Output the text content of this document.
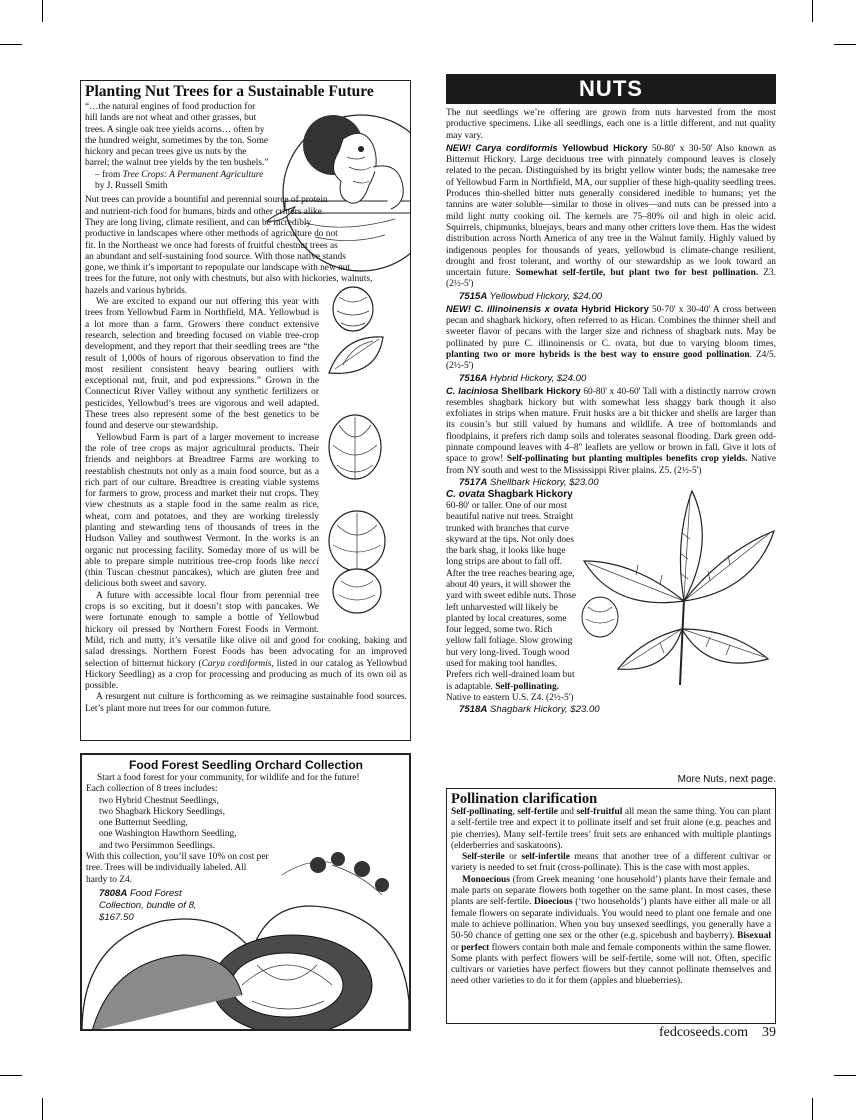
Planting Nut Trees for a Sustainable Future

“…the natural engines of food production for hill lands are not wheat and other grasses, but trees. A single oak tree yields acorns… often by the hundred weight, sometimes by the ton. Some hickory and pecan trees give us nuts by the barrel; the walnut tree yields by the ten bushels.”

– from Tree Crops: A Permanent Agriculture by J. Russell Smith

Nut trees can provide a bountiful and perennial source of protein and nutrient-rich food for humans, birds and other critters alike. They are long living, climate resilient, and can be incredibly productive in landscapes where other methods of agriculture do not fit. In the Northeast we once had forests of fruitful chestnut trees as an abundant and self-sustaining food source. With those native stands gone, we think it’s important to repopulate our landscape with new nut trees for the future, not only with chestnuts, but also with hickories, walnuts, hazels and various hybrids.

We are excited to expand our nut offering this year with trees from Yellowbud Farm in Northfield, MA. Yellowbud is a lot more than a farm. Growers there conduct extensive research, selection and breeding focused on viable tree-crop development, and they report that their seedling trees are “the result of 1,000s of hours of rigorous observation to find the most resilient consistent heavy bearing outliers with exceptional nut, fruit, and pod expressions.” Grown in the Connecticut River Valley without any synthetic fertilizers or pesticides, Yellowbud’s trees are vigorous and well adapted. These trees also represent some of the best genetics to be found and deserve our stewardship.

Yellowbud Farm is part of a larger movement to increase the role of tree crops as major agricultural products. Their friends and neighbors at Breadtree Farms are working to reestablish chestnuts not only as a main food source, but as a rich part of our culture. Breadtree is creating viable systems for farmers to grow, process and market their nut crops. They view chestnuts as a staple food in the same realm as rice, wheat, corn and potatoes, and they are working tirelessly planting and stewarding tens of thousands of trees in the Hudson Valley and southwest Vermont. In the works is an organic nut processing facility. Someday more of us will be able to prepare simple nutritious tree-crop foods like necci (thin Tuscan chestnut pancakes), which are gluten free and delicious both sweet and savory.

A future with accessible local flour from perennial tree crops is so exciting, but it doesn’t stop with pancakes. We were fortunate enough to sample a bottle of Yellowbud hickory oil pressed by Northern Forest Foods in Vermont. Mild, rich and nutty, it’s versatile like olive oil and good for cooking, baking and salad dressings. Northern Forest Foods has been advocating for an improved selection of bitternut hickory (Carya cordiformis, listed in our catalog as Yellowbud Hickory Seedling) as a crop for processing and producing as much of its own oil as possible.

A resurgent nut culture is forthcoming as we reimagine sustainable food sources. Let’s plant more nut trees for our common future.

Food Forest Seedling Orchard Collection

Start a food forest for your community, for wildlife and for the future!

Each collection of 8 trees includes:

two Hybrid Chestnut Seedlings,

two Shagbark Hickory Seedlings,

one Butternut Seedling,

one Washington Hawthorn Seedling,

and two Persimmon Seedlings.

With this collection, you’ll save 10% on cost per tree. Trees will be individually labeled. All hardy to Z4.

7808A Food Forest Collection, bundle of 8, $167.50
NUTS

The nut seedlings we’re offering are grown from nuts harvested from the most productive specimens. Like all seedlings, each one is a little different, and nut quality may vary.

NEW! Carya cordiformis Yellowbud Hickory 50-80' x 30-50' Also known as Bitternut Hickory. Large deciduous tree with pinnately compound leaves is closely related to the pecan. Distinguished by its bright yellow winter buds; the namesake tree of Yellowbud Farm in Northfield, MA, our supplier of these high-quality seedling trees. Produces thin-shelled bitter nuts generally considered inedible to humans; yet the tannins are water soluble—similar to those in olives—and nuts can be pressed into a mild light nutty cooking oil. The kernels are 75–80% oil and high in oleic acid. Squirrels, chipmunks, bluejays, bears and many other critters love them. Has the widest distribution across North America of any tree in the Walnut family. Highly valued by indigenous peoples for thousands of years, yellowbud is climate-change resilient, drought and frost tolerant, and worthy of our stewardship as we look toward an uncertain future. Somewhat self-fertile, but plant two for best pollination. Z3. (2½-5')

7515A Yellowbud Hickory, $24.00

NEW! C. illinoinensis x ovata Hybrid Hickory 50-70' x 30-40' A cross between pecan and shagbark hickory, often referred to as Hican. Combines the thinner shell and sweeter flavor of pecans with the larger size and richness of shagbark nuts. May be pollinated by pure C. illinoinensis or C. ovata, but due to varying bloom times, planting two or more hybrids is the best way to ensure good pollination. Z4/5. (2½-5')

7516A Hybrid Hickory, $24.00

C. laciniosa Shellbark Hickory 60-80' x 40-60' Tall with a distinctly narrow crown resembles shagbark hickory but with somewhat less shaggy bark though it also exfoliates in strips when mature. Fruit husks are a bit thicker and shells are larger than its cousin’s but still valued by humans and wildlife. A tree of bottomlands and floodplains, it prefers rich damp soils and tolerates seasonal flooding. Dark green odd-pinnate compound leaves with 4–8" leaflets are yellow or brown in fall. Give it lots of space to grow! Self-pollinating but planting multiples benefits crop yields. Native from NY south and west to the Mississippi River plains. Z5. (2½-5')

7517A Shellbark Hickory, $23.00
C. ovata Shagbark Hickory

60-80' or taller. One of our most beautiful native nut trees. Straight trunked with branches that curve skyward at the tips. Not only does the bark shag, it looks like huge long strips are about to fall off. After the tree reaches bearing age, about 40 years, it will shower the yard with sweet edible nuts. Those left unharvested will likely be planted by local creatures, some four legged, some two. Rich yellow fall foliage. Slow growing but very long-lived. Tough wood used for making tool handles. Prefers rich well-drained loam but is adaptable. Self-pollinating. Native to eastern U.S. Z4. (2½-5')

7518A Shagbark Hickory, $23.00
More Nuts, next page.
Pollination clarification

Self-pollinating, self-fertile and self-fruitful all mean the same thing. You can plant a self-fertile tree and expect it to pollinate itself and set fruit alone (e.g. peaches and pie cherries). Many self-fertile trees’ fruit sets are enhanced with multiple plantings (elderberries and saskatoons).

Self-sterile or self-infertile means that another tree of a different cultivar or variety is needed to set fruit (cross-pollinate). This is the case with most apples.

Monoecious (from Greek meaning ‘one household’) plants have their female and male parts on separate flowers both together on the same plant. In most cases, these plants are self-fertile. Dioecious (‘two households’) plants have either all male or all female flowers on separate individuals. You would need to plant one female and one male to achieve pollination. When you buy unsexed seedlings, you generally have a 50-50 chance of getting one sex or the other (e.g. spicebush and bayberry). Bisexual or perfect flowers contain both male and female components within the same flower. Some plants with perfect flowers will be self-fertile, some will not. Often, specific cultivars or varieties have perfect flowers but they cannot pollinate themselves and need other varieties to do it for them (apples and blueberries).

fedcoseeds.com 39
